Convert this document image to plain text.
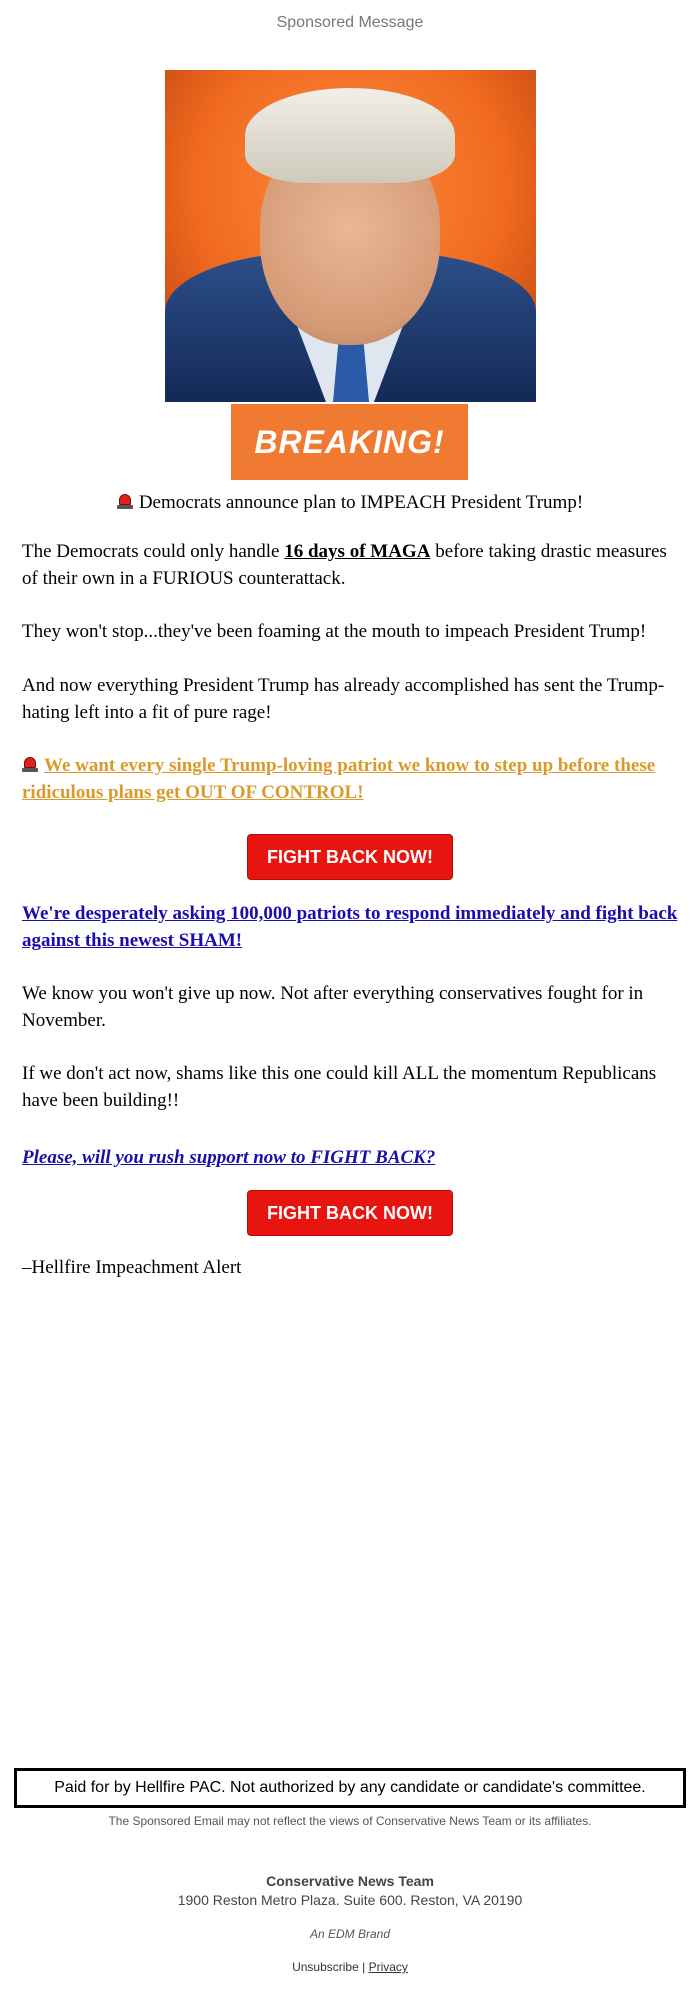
Sponsored Message
BREAKING!
Democrats announce plan to IMPEACH President Trump!
The Democrats could only handle 16 days of MAGA before taking drastic measures of their own in a FURIOUS counterattack.
They won't stop...they've been foaming at the mouth to impeach President Trump!
And now everything President Trump has already accomplished has sent the Trump-hating left into a fit of pure rage!
We want every single Trump-loving patriot we know to step up before these ridiculous plans get OUT OF CONTROL!
FIGHT BACK NOW!
We're desperately asking 100,000 patriots to respond immediately and fight back against this newest SHAM!
We know you won't give up now. Not after everything conservatives fought for in November.
If we don't act now, shams like this one could kill ALL the momentum Republicans have been building!!
Please, will you rush support now to FIGHT BACK?
FIGHT BACK NOW!
–Hellfire Impeachment Alert
Paid for by Hellfire PAC. Not authorized by any candidate or candidate's committee.
The Sponsored Email may not reflect the views of Conservative News Team or its affiliates.
Conservative News Team
1900 Reston Metro Plaza. Suite 600. Reston, VA 20190
An EDM Brand
Unsubscribe | Privacy
